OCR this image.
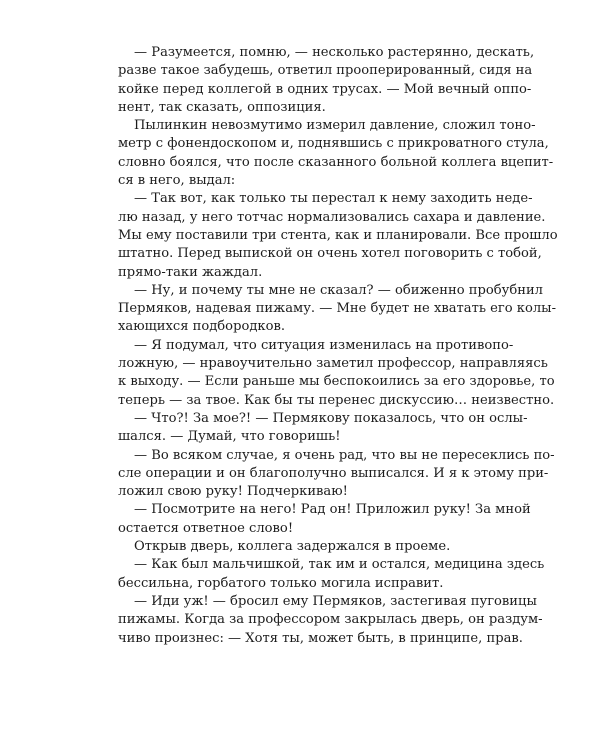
— Разумеется, помню, — несколько растерянно, дескать,
разве такое забудешь, ответил прооперированный, сидя на
койке перед коллегой в одних трусах. — Мой вечный оппо-
нент, так сказать, оппозиция.
Пылинкин невозмутимо измерил давление, сложил тоно-
метр с фонендоскопом и, поднявшись с прикроватного стула,
словно боялся, что после сказанного больной коллега вцепит-
ся в него, выдал:
— Так вот, как только ты перестал к нему заходить неде-
лю назад, у него тотчас нормализовались сахара и давление.
Мы ему поставили три стента, как и планировали. Все прошло
штатно. Перед выпиской он очень хотел поговорить с тобой,
прямо-таки жаждал.
— Ну, и почему ты мне не сказал? — обиженно пробубнил
Пермяков, надевая пижаму. — Мне будет не хватать его колы-
хающихся подбородков.
— Я подумал, что ситуация изменилась на противопо-
ложную, — нравоучительно заметил профессор, направляясь
к выходу. — Если раньше мы беспокоились за его здоровье, то
теперь — за твое. Как бы ты перенес дискуссию… неизвестно.
— Что?! За мое?! — Пермякову показалось, что он ослы-
шался. — Думай, что говоришь!
— Во всяком случае, я очень рад, что вы не пересеклись по-
сле операции и он благополучно выписался. И я к этому при-
ложил свою руку! Подчеркиваю!
— Посмотрите на него! Рад он! Приложил руку! За мной
остается ответное слово!
Открыв дверь, коллега задержался в проеме.
— Как был мальчишкой, так им и остался, медицина здесь
бессильна, горбатого только могила исправит.
— Иди уж! — бросил ему Пермяков, застегивая пуговицы
пижамы. Когда за профессором закрылась дверь, он раздум-
чиво произнес: — Хотя ты, может быть, в принципе, прав.
